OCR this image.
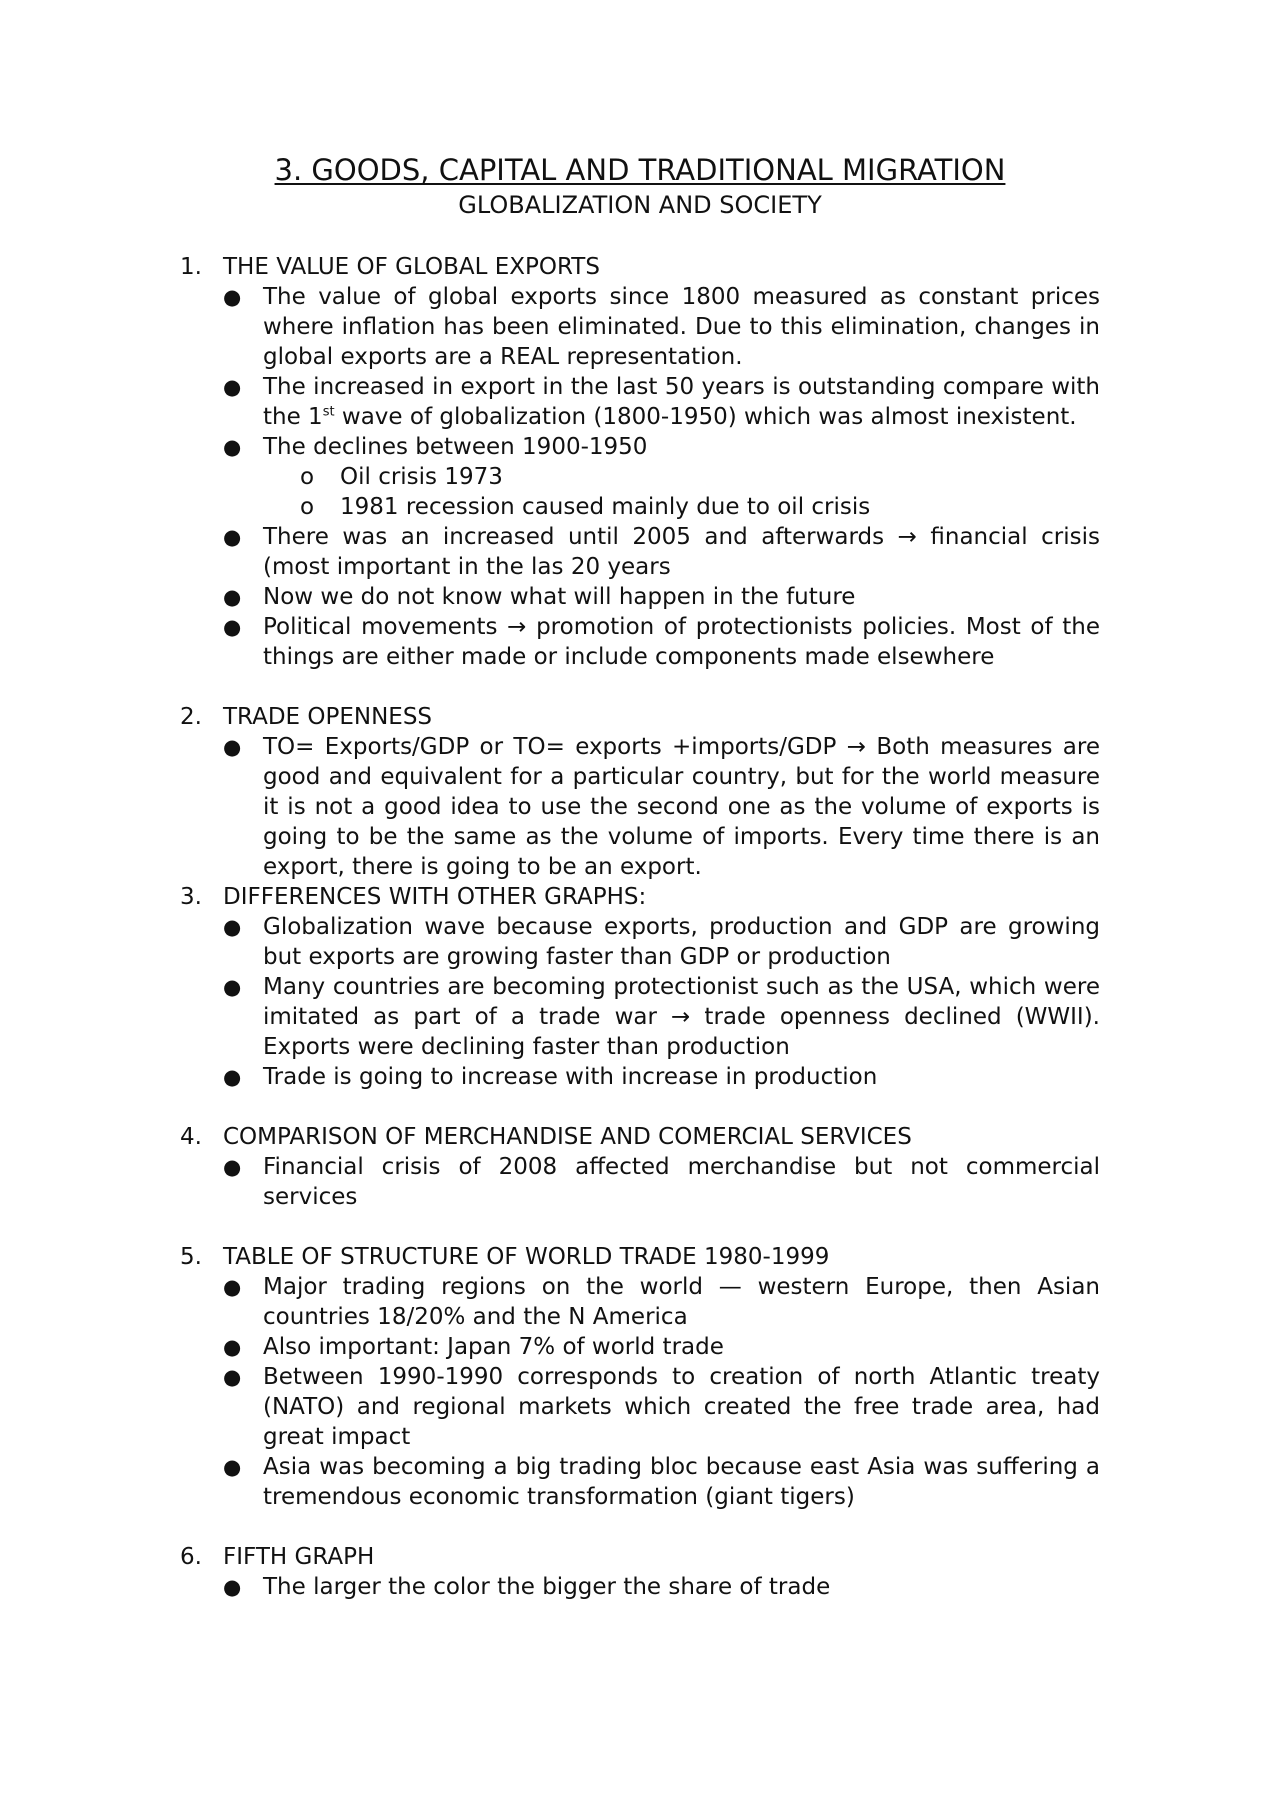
3. GOODS, CAPITAL AND TRADITIONAL MIGRATION
GLOBALIZATION AND SOCIETY
1. THE VALUE OF GLOBAL EXPORTS
● The value of global exports since 1800 measured as constant prices where inflation has been eliminated. Due to this elimination, changes in global exports are a REAL representation.
● The increased in export in the last 50 years is outstanding compare with the 1st wave of globalization (1800-1950) which was almost inexistent.
● The declines between 1900-1950
o	Oil crisis 1973
o	1981 recession caused mainly due to oil crisis
● There was an increased until 2005 and afterwards → financial crisis (most important in the las 20 years
● Now we do not know what will happen in the future
● Political movements → promotion of protectionists policies. Most of the things are either made or include components made elsewhere
2. TRADE OPENNESS
● TO= Exports/GDP or TO= exports +imports/GDP → Both measures are good and equivalent for a particular country, but for the world measure it is not a good idea to use the second one as the volume of exports is going to be the same as the volume of imports. Every time there is an export, there is going to be an export.
3. DIFFERENCES WITH OTHER GRAPHS:
● Globalization wave because exports, production and GDP are growing but exports are growing faster than GDP or production
● Many countries are becoming protectionist such as the USA, which were imitated as part of a trade war → trade openness declined (WWII). Exports were declining faster than production
● Trade is going to increase with increase in production
4. COMPARISON OF MERCHANDISE AND COMERCIAL SERVICES
● Financial crisis of 2008 affected merchandise but not commercial services
5. TABLE OF STRUCTURE OF WORLD TRADE 1980-1999
● Major trading regions on the world — western Europe, then Asian countries 18/20% and the N America
● Also important: Japan 7% of world trade
● Between 1990-1990 corresponds to creation of north Atlantic treaty (NATO) and regional markets which created the free trade area, had great impact
● Asia was becoming a big trading bloc because east Asia was suffering a tremendous economic transformation (giant tigers)
6. FIFTH GRAPH
● The larger the color the bigger the share of trade
